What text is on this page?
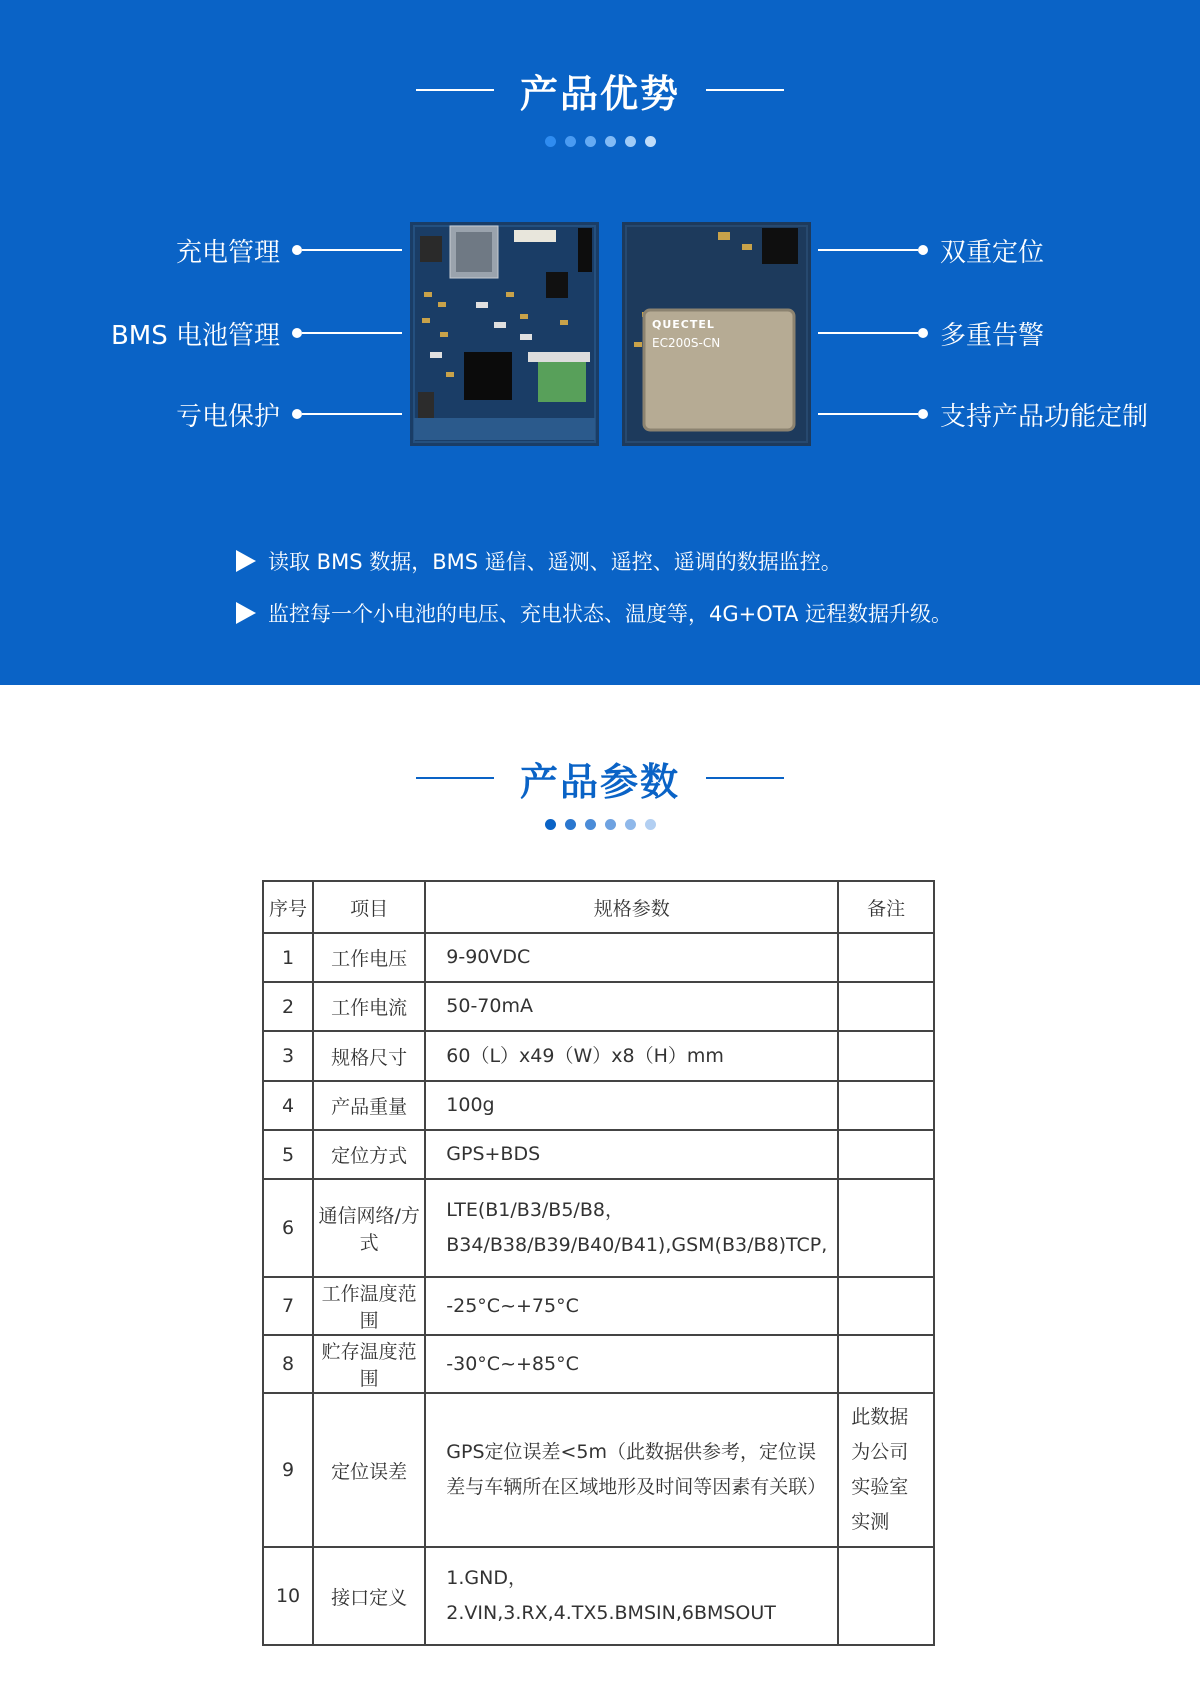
产品优势
充电管理
BMS 电池管理
亏电保护
双重定位
多重告警
支持产品功能定制
QUECTEL
EC200S-CN
读取 BMS 数据，BMS 遥信、遥测、遥控、遥调的数据监控。
监控每一个小电池的电压、充电状态、温度等，4G+OTA 远程数据升级。
产品参数
序号	项目	规格参数	备注
1	工作电压	9-90VDC	
2	工作电流	50-70mA	
3	规格尺寸	60（L）x49（W）x8（H）mm	
4	产品重量	100g	
5	定位方式	GPS+BDS	
6	通信网络/方式	LTE(B1/B3/B5/B8，B34/B38/B39/B40/B41),GSM(B3/B8)TCP,	
7	工作温度范围	-25°C~+75°C	
8	贮存温度范围	-30°C~+85°C	
9	定位误差	GPS定位误差<5m（此数据供参考，定位误差与车辆所在区域地形及时间等因素有关联）	此数据为公司实验室实测
10	接口定义	1.GND，2.VIN,3.RX,4.TX5.BMSIN,6BMSOUT	
